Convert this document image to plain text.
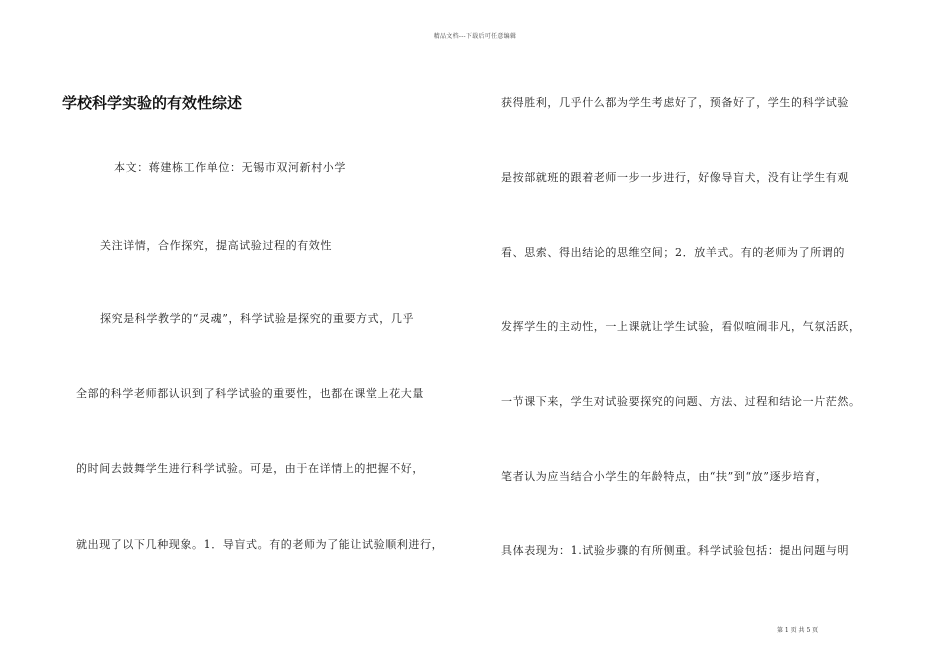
精品文档---下载后可任意编辑
学校科学实验的有效性综述
本文：蒋建栋工作单位：无锡市双河新村小学
关注详情，合作探究，提高试验过程的有效性
探究是科学教学的“灵魂”，科学试验是探究的重要方式，几乎
全部的科学老师都认识到了科学试验的重要性，也都在课堂上花大量
的时间去鼓舞学生进行科学试验。可是，由于在详情上的把握不好，
就出现了以下几种现象。1．导盲式。有的老师为了能让试验顺利进行，
获得胜利，几乎什么都为学生考虑好了，预备好了，学生的科学试验
是按部就班的跟着老师一步一步进行，好像导盲犬，没有让学生有观
看、思索、得出结论的思维空间；2．放羊式。有的老师为了所谓的
发挥学生的主动性，一上课就让学生试验，看似喧闹非凡，气氛活跃，
一节课下来，学生对试验要探究的问题、方法、过程和结论一片茫然。
笔者认为应当结合小学生的年龄特点，由“扶”到“放”逐步培育，
具体表现为：1.试验步骤的有所侧重。科学试验包括：提出问题与明
第 1 页 共 5 页
